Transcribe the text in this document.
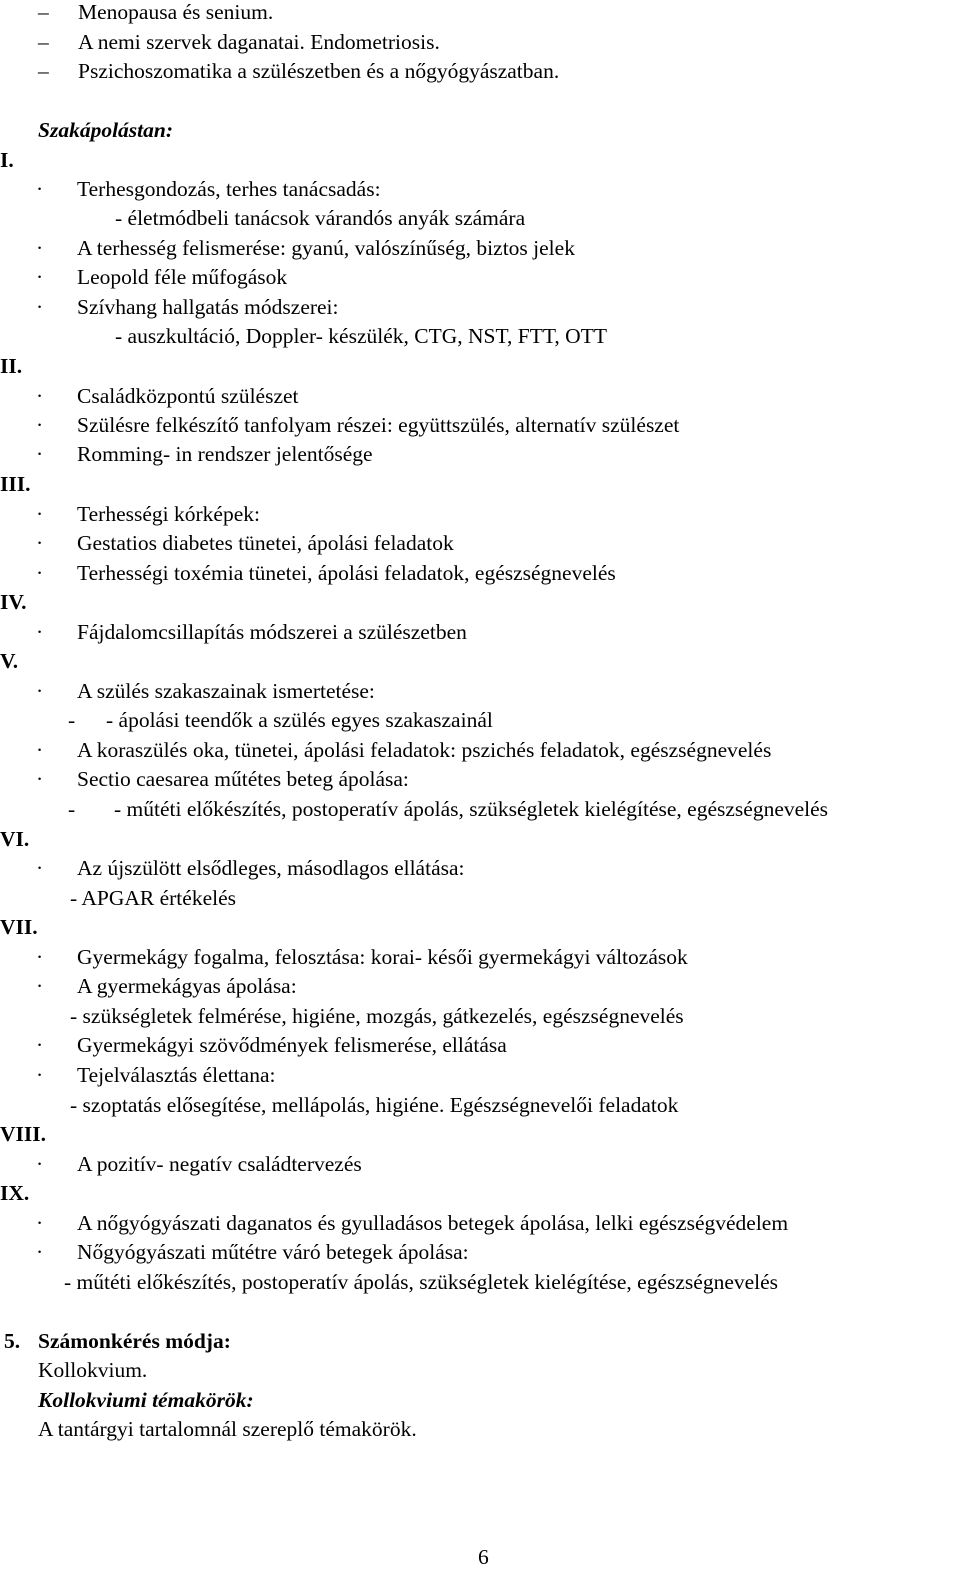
– Menopausa és senium.
– A nemi szervek daganatai. Endometriosis.
– Pszichoszomatika a szülészetben és a nőgyógyászatban.
Szakápolástan:
I.
· Terhesgondozás, terhes tanácsadás:
- életmódbeli tanácsok várandós anyák számára
· A terhesség felismerése: gyanú, valószínűség, biztos jelek
· Leopold féle műfogások
· Szívhang hallgatás módszerei:
- auszkultáció, Doppler- készülék, CTG, NST, FTT, OTT
II.
· Családközpontú szülészet
· Szülésre felkészítő tanfolyam részei: együttszülés, alternatív szülészet
· Romming- in rendszer jelentősége
III.
· Terhességi kórképek:
· Gestatios diabetes tünetei, ápolási feladatok
· Terhességi toxémia tünetei, ápolási feladatok, egészségnevelés
IV.
· Fájdalomcsillapítás módszerei a szülészetben
V.
· A szülés szakaszainak ismertetése:
- - ápolási teendők a szülés egyes szakaszainál
· A koraszülés oka, tünetei, ápolási feladatok: pszichés feladatok, egészségnevelés
· Sectio caesarea műtétes beteg ápolása:
- - műtéti előkészítés, postoperatív ápolás, szükségletek kielégítése, egészségnevelés
VI.
· Az újszülött elsődleges, másodlagos ellátása:
- APGAR értékelés
VII.
· Gyermekágy fogalma, felosztása: korai- késői gyermekágyi változások
· A gyermekágyas ápolása:
- szükségletek felmérése, higiéne, mozgás, gátkezelés, egészségnevelés
· Gyermekágyi szövődmények felismerése, ellátása
· Tejelválasztás élettana:
- szoptatás elősegítése, mellápolás, higiéne. Egészségnevelői feladatok
VIII.
· A pozitív- negatív családtervezés
IX.
· A nőgyógyászati daganatos és gyulladásos betegek ápolása, lelki egészségvédelem
· Nőgyógyászati műtétre váró betegek ápolása:
- műtéti előkészítés, postoperatív ápolás, szükségletek kielégítése, egészségnevelés
5. Számonkérés módja:
Kollokvium.
Kollokviumi témakörök:
A tantárgyi tartalomnál szereplő témakörök.
6
